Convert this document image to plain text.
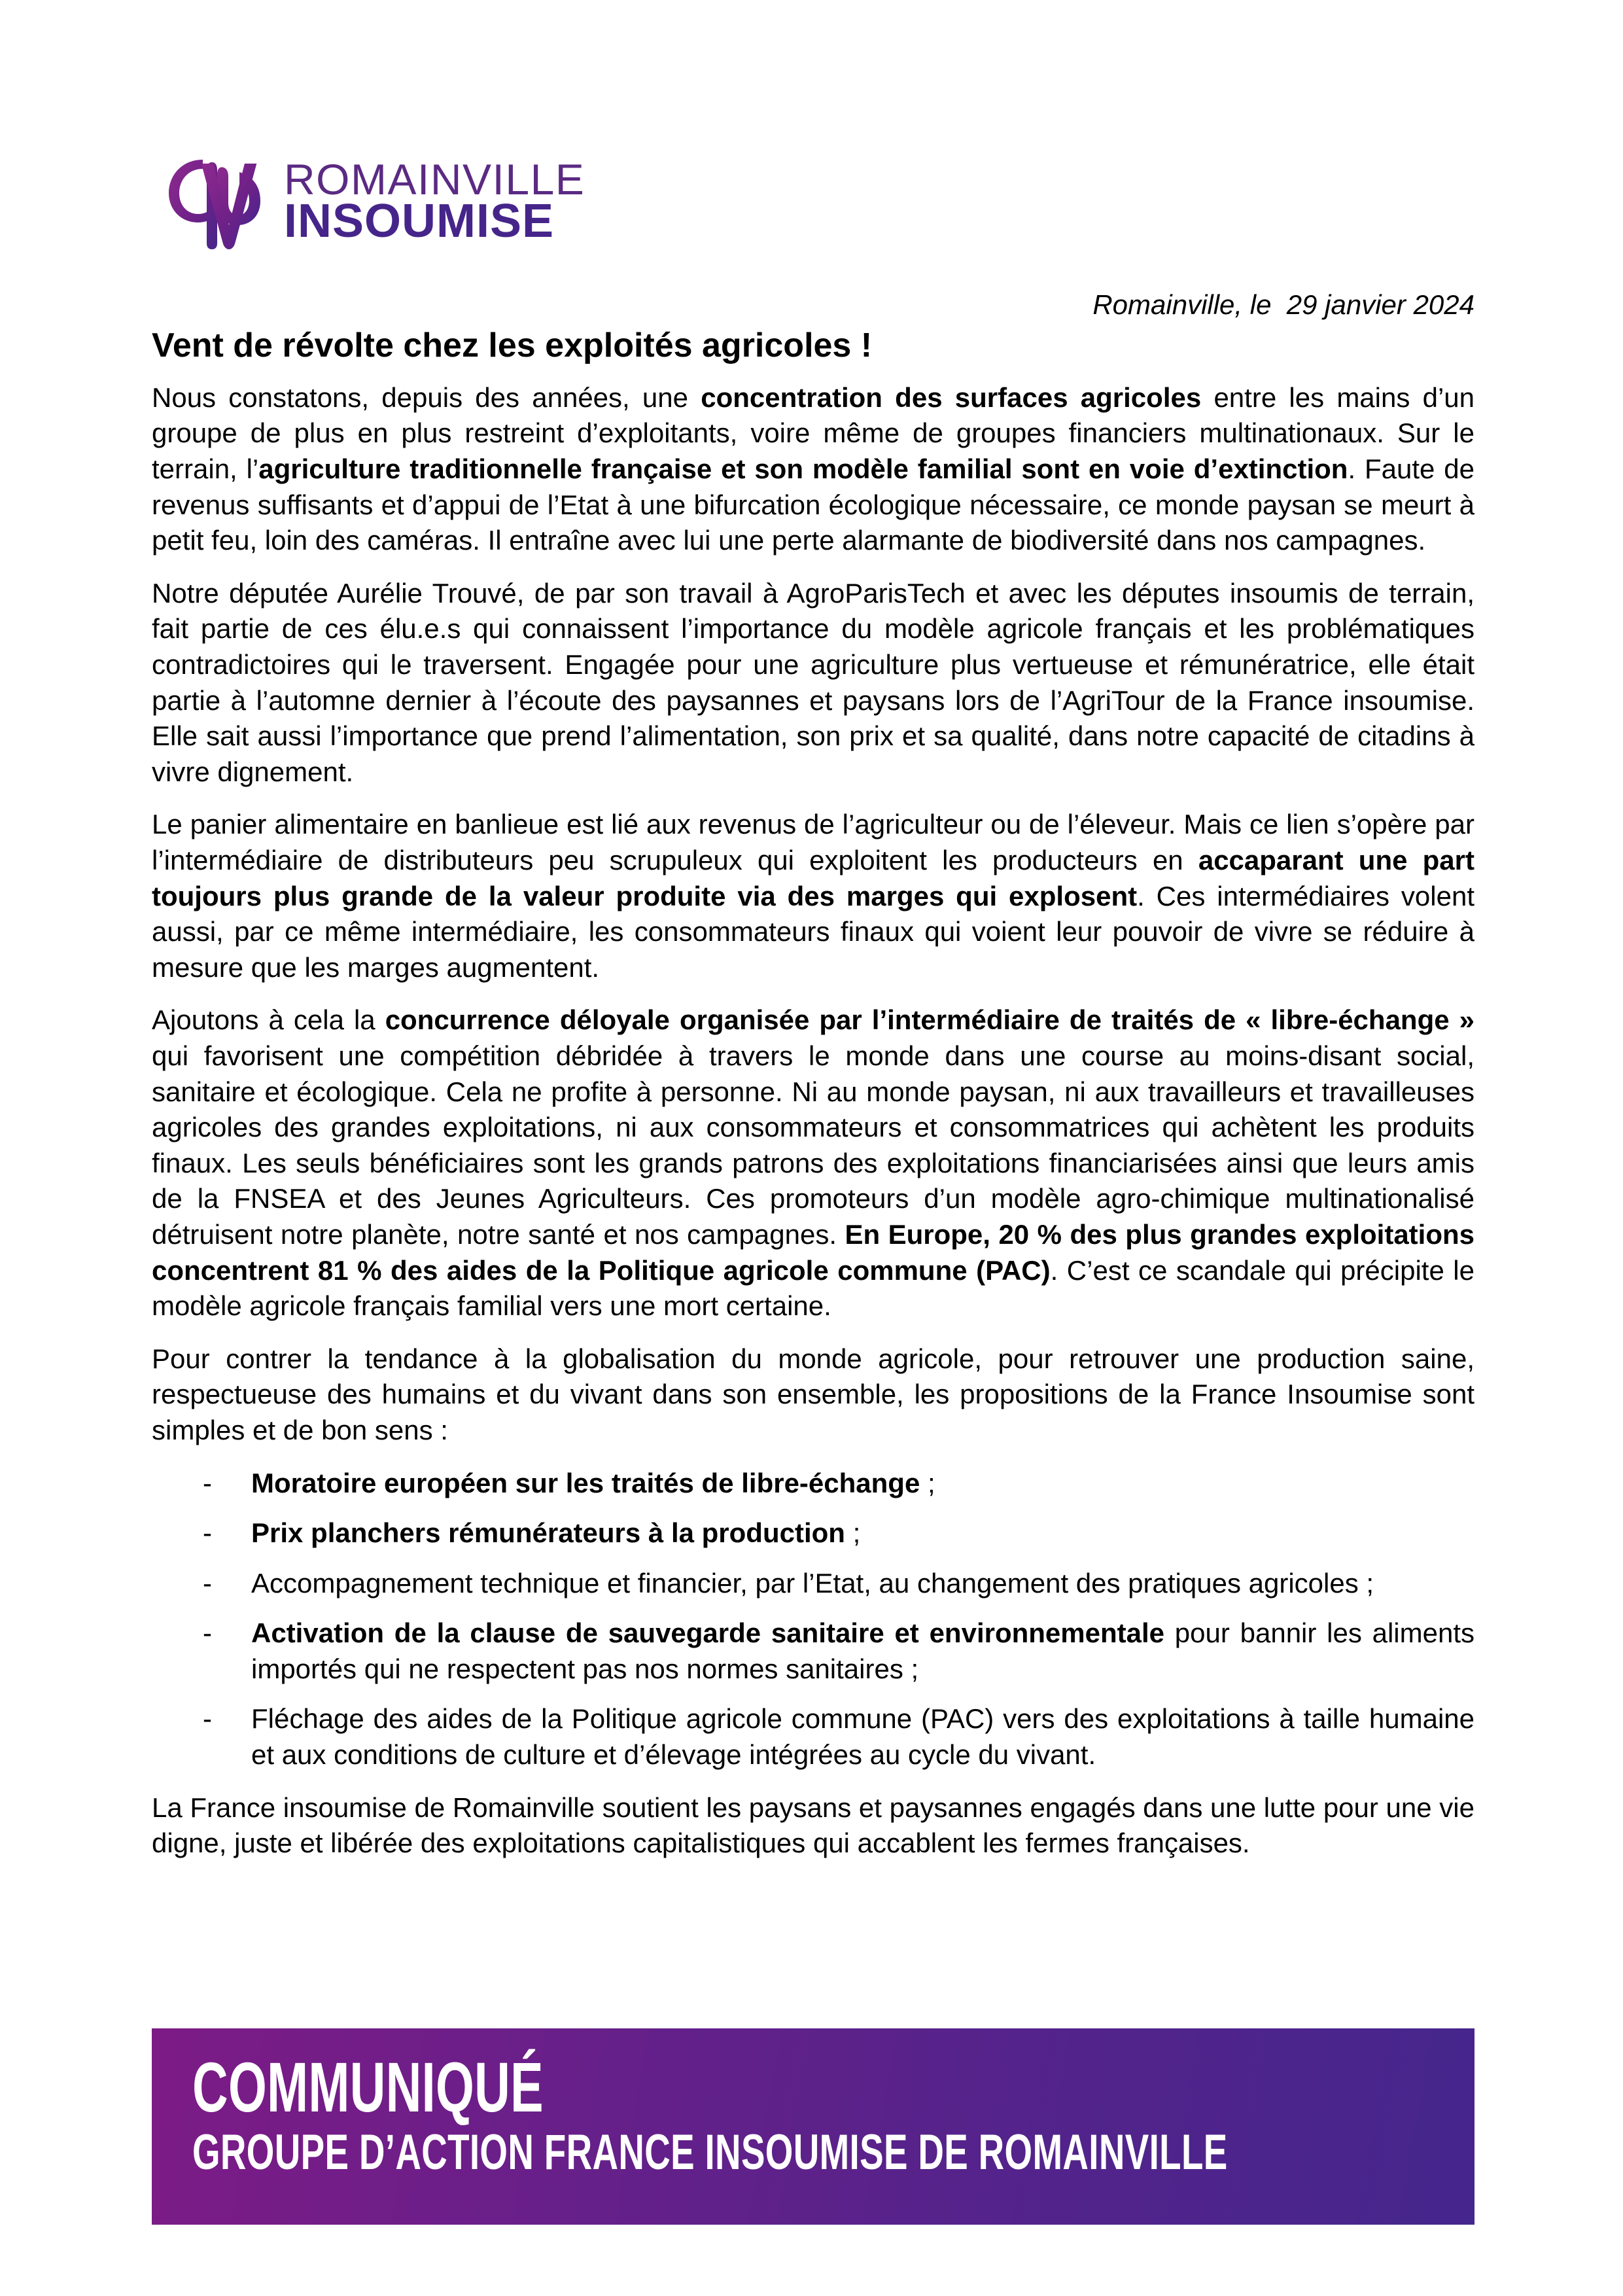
ROMAINVILLE
INSOUMISE
Romainville, le  29 janvier 2024
Vent de révolte chez les exploités agricoles !

Nous constatons, depuis des années, une concentration des surfaces agricoles entre les mains d’un groupe de plus en plus restreint d’exploitants, voire même de groupes financiers multinationaux. Sur le terrain, l’agriculture traditionnelle française et son modèle familial sont en voie d’extinction. Faute de revenus suffisants et d’appui de l’Etat à une bifurcation écologique nécessaire, ce monde paysan se meurt à petit feu, loin des caméras. Il entraîne avec lui une perte alarmante de biodiversité dans nos campagnes.

Notre députée Aurélie Trouvé, de par son travail à AgroParisTech et avec les députes insoumis de terrain, fait partie de ces élu.e.s qui connaissent l’importance du modèle agricole français et les problématiques contradictoires qui le traversent. Engagée pour une agriculture plus vertueuse et rémunératrice, elle était partie à l’automne dernier à l’écoute des paysannes et paysans lors de l’AgriTour de la France insoumise. Elle sait aussi l’importance que prend l’alimentation, son prix et sa qualité, dans notre capacité de citadins à vivre dignement.

Le panier alimentaire en banlieue est lié aux revenus de l’agriculteur ou de l’éleveur. Mais ce lien s’opère par l’intermédiaire de distributeurs peu scrupuleux qui exploitent les producteurs en accaparant une part toujours plus grande de la valeur produite via des marges qui explosent. Ces intermédiaires volent aussi, par ce même intermédiaire, les consommateurs finaux qui voient leur pouvoir de vivre se réduire à mesure que les marges augmentent.

Ajoutons à cela la concurrence déloyale organisée par l’intermédiaire de traités de « libre-échange » qui favorisent une compétition débridée à travers le monde dans une course au moins-disant social, sanitaire et écologique. Cela ne profite à personne. Ni au monde paysan, ni aux travailleurs et travailleuses agricoles des grandes exploitations, ni aux consommateurs et consommatrices qui achètent les produits finaux. Les seuls bénéficiaires sont les grands patrons des exploitations financiarisées ainsi que leurs amis de la FNSEA et des Jeunes Agriculteurs. Ces promoteurs d’un modèle agro-chimique multinationalisé détruisent notre planète, notre santé et nos campagnes. En Europe, 20 % des plus grandes exploitations concentrent 81 % des aides de la Politique agricole commune (PAC). C’est ce scandale qui précipite le modèle agricole français familial vers une mort certaine.

Pour contrer la tendance à la globalisation du monde agricole, pour retrouver une production saine, respectueuse des humains et du vivant dans son ensemble, les propositions de la France Insoumise sont simples et de bon sens :

- Moratoire européen sur les traités de libre-échange ;
- Prix planchers rémunérateurs à la production ;
- Accompagnement technique et financier, par l’Etat, au changement des pratiques agricoles ;
- Activation de la clause de sauvegarde sanitaire et environnementale pour bannir les aliments importés qui ne respectent pas nos normes sanitaires ;
- Fléchage des aides de la Politique agricole commune (PAC) vers des exploitations à taille humaine et aux conditions de culture et d’élevage intégrées au cycle du vivant.

La France insoumise de Romainville soutient les paysans et paysannes engagés dans une lutte pour une vie digne, juste et libérée des exploitations capitalistiques qui accablent les fermes françaises.

COMMUNIQUÉ
GROUPE D’ACTION FRANCE INSOUMISE DE ROMAINVILLE
